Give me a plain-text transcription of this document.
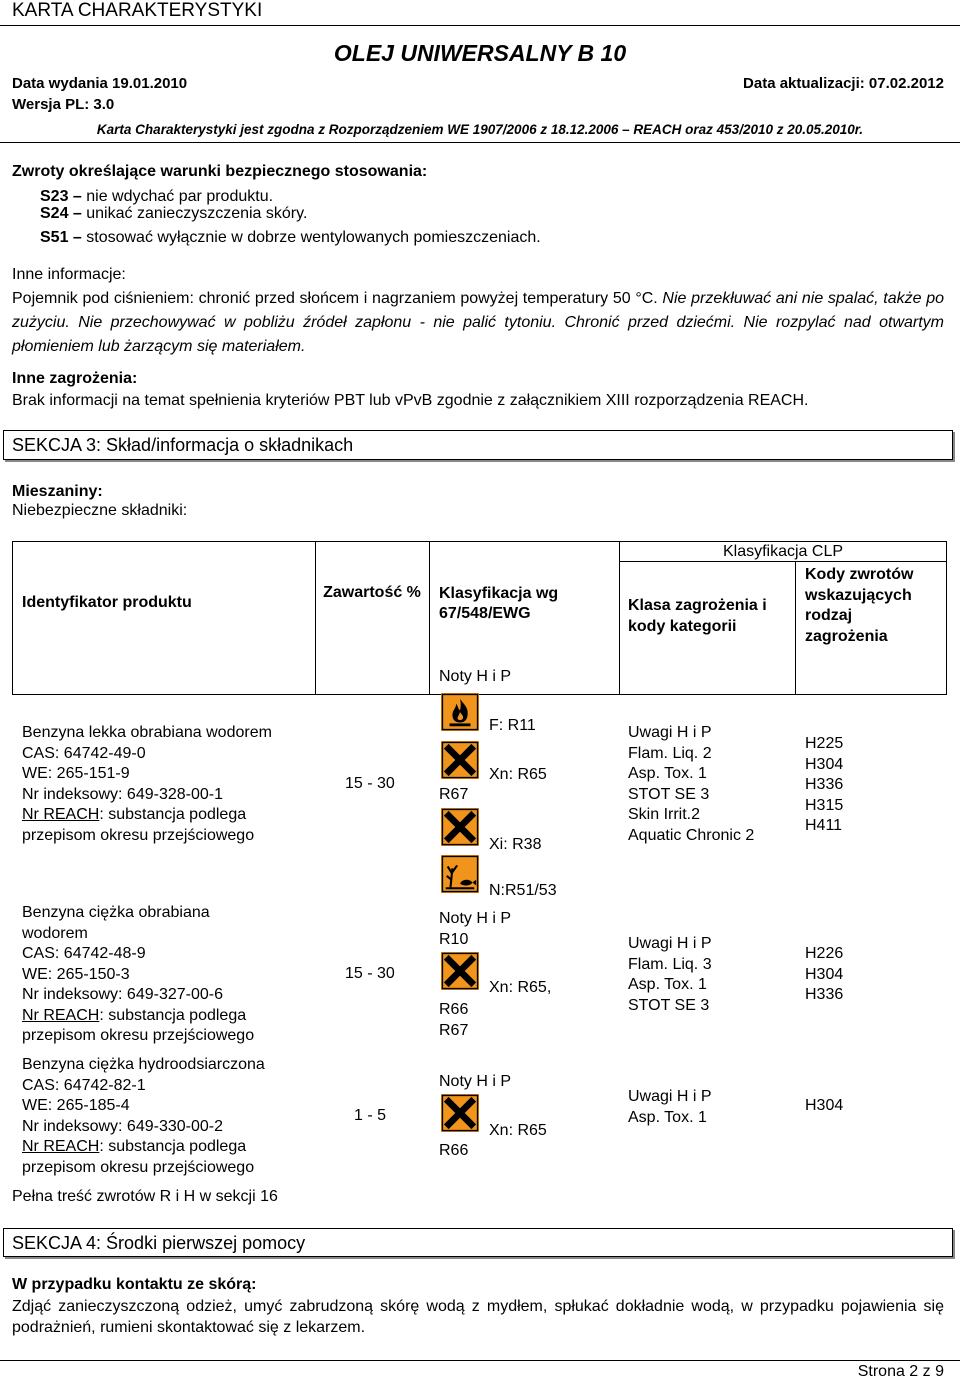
KARTA CHARAKTERYSTYKI
OLEJ UNIWERSALNY B 10
Data wydania 19.01.2010	Data aktualizacji: 07.02.2012
Wersja PL: 3.0
Karta Charakterystyki jest zgodna z Rozporządzeniem WE 1907/2006 z 18.12.2006 – REACH oraz 453/2010 z 20.05.2010r.
Zwroty określające warunki bezpiecznego stosowania:
S23 – nie wdychać par produktu.
S24 – unikać zanieczyszczenia skóry.
S51 – stosować wyłącznie w dobrze wentylowanych pomieszczeniach.
Inne informacje:
Pojemnik pod ciśnieniem: chronić przed słońcem i nagrzaniem powyżej temperatury 50 °C. Nie przekłuwać ani nie spalać, także po zużyciu. Nie przechowywać w pobliżu źródeł zapłonu - nie palić tytoniu. Chronić przed dziećmi. Nie rozpylać nad otwartym płomieniem lub żarzącym się materiałem.
Inne zagrożenia:
Brak informacji na temat spełnienia kryteriów PBT lub vPvB zgodnie z załącznikiem XIII rozporządzenia REACH.
SEKCJA 3: Skład/informacja o składnikach
Mieszaniny:
Niebezpieczne składniki:
Identyfikator produktu
Zawartość %	Klasyfikacja wg 67/548/EWG
Noty H i P
Klasyfikacja CLP
Klasa zagrożenia i kody kategorii
Kody zwrotów wskazujących rodzaj zagrożenia
Benzyna lekka obrabiana wodorem
CAS: 64742-49-0
WE: 265-151-9
Nr indeksowy: 649-328-00-1
Nr REACH: substancja podlega
przepisom okresu przejściowego
15 - 30
F: R11
Xn: R65
R67
Xi: R38
N:R51/53
Uwagi H i P
Flam. Liq. 2
Asp. Tox. 1
STOT SE 3
Skin Irrit.2
Aquatic Chronic 2
H225
H304
H336
H315
H411
Benzyna ciężka obrabiana
wodorem
CAS: 64742-48-9
WE: 265-150-3
Nr indeksowy: 649-327-00-6
Nr REACH: substancja podlega
przepisom okresu przejściowego
15 - 30
Noty H i P
R10
Xn: R65,
R66
R67
Uwagi H i P
Flam. Liq. 3
Asp. Tox. 1
STOT SE 3
H226
H304
H336
Benzyna ciężka hydroodsiarczona
CAS: 64742-82-1
WE: 265-185-4
Nr indeksowy: 649-330-00-2
Nr REACH: substancja podlega
przepisom okresu przejściowego
1 - 5
Noty H i P
Xn: R65
R66
Uwagi H i P
Asp. Tox. 1
H304
Pełna treść zwrotów R i H w sekcji 16
SEKCJA 4: Środki pierwszej pomocy
W przypadku kontaktu ze skórą:
Zdjąć zanieczyszczoną odzież, umyć zabrudzoną skórę wodą z mydłem, spłukać dokładnie wodą, w przypadku pojawienia się podrażnień, rumieni skontaktować się z lekarzem.
Strona 2 z 9
